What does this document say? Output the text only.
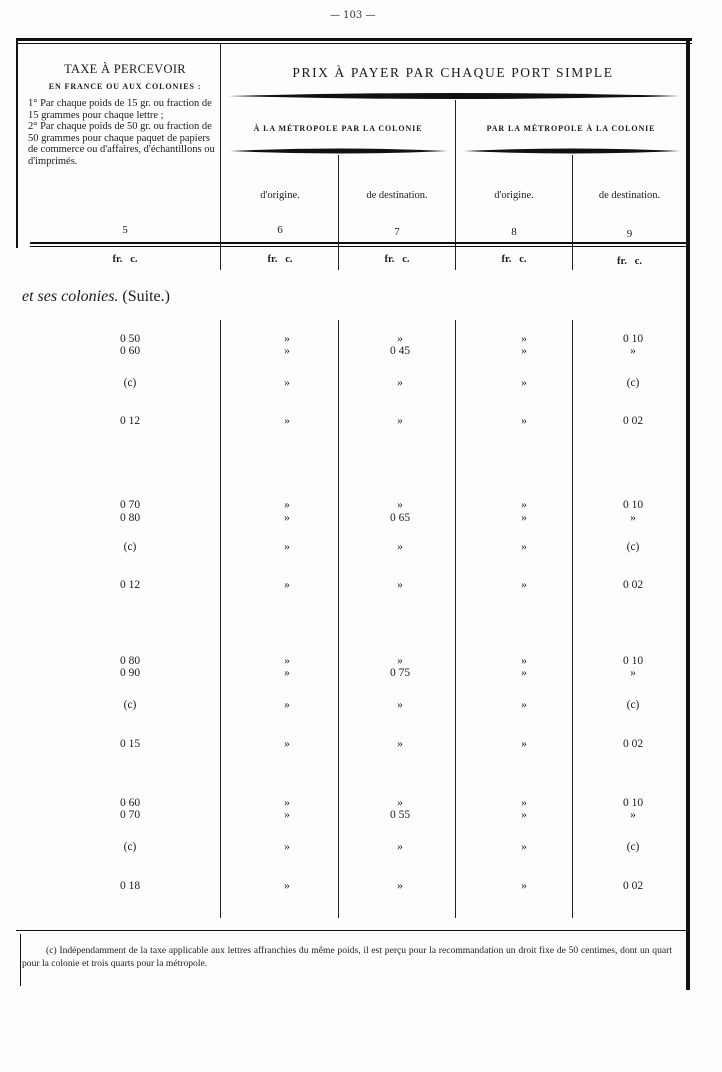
— 103 —
TAXE À PERCEVOIR
EN FRANCE OU AUX COLONIES :

1° Par chaque poids de 15 gr. ou fraction de 15 grammes pour chaque lettre ;

2° Par chaque poids de 50 gr. ou fraction de 50 grammes pour chaque paquet de papiers de commerce ou d'affaires, d'échantillons ou d'imprimés.

PRIX À PAYER PAR CHAQUE PORT SIMPLE
À LA MÉTROPOLE PAR LA COLONIE	PAR LA MÉTROPOLE À LA COLONIE
d'origine.	de destination.	d'origine.	de destination.
5	6	7	8	9
fr.   c.	fr.   c.	fr.   c.	fr.   c.	fr.   c.
et ses colonies. (Suite.)
0 50	»	»	»	0 10
0 60	»	0 45	»	»
(c)	»	»	»	(c)
0 12	»	»	»	0 02
0 70	»	»	»	0 10
0 80	»	0 65	»	»
(c)	»	»	»	(c)
0 12	»	»	»	0 02
0 80	»	»	»	0 10
0 90	»	0 75	»	»
(c)	»	»	»	(c)
0 15	»	»	»	0 02
0 60	»	»	»	0 10
0 70	»	0 55	»	»
(c)	»	»	»	(c)
0 18	»	»	»	0 02
(c) Indépendamment de la taxe applicable aux lettres affranchies du même poids, il est perçu pour la recommandation un droit fixe de 50 centimes, dont un quart pour la colonie et trois quarts pour la métropole.
